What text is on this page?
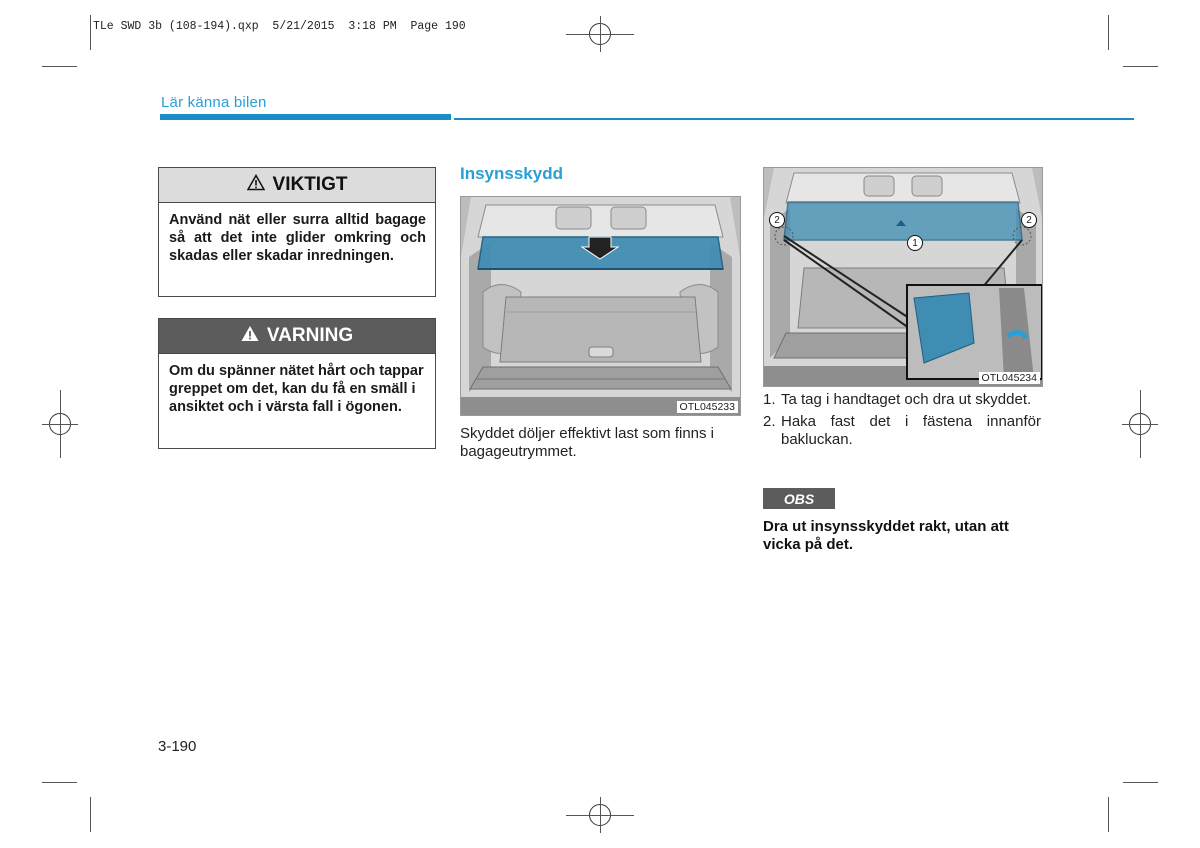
TLe SWD 3b (108-194).qxp  5/21/2015  3:18 PM  Page 190
Lär känna bilen
VIKTIGT
Använd nät eller surra alltid bagage så att det inte glider omkring och skadas eller skadar inredningen.
VARNING
Om du spänner nätet hårt och tappar greppet om det, kan du få en smäll i ansiktet och i värsta fall i ögonen.
Insynsskydd
OTL045233
Skyddet döljer effektivt last som finns i bagageutrymmet.
1
2	2
OTL045234
1. Ta tag i handtaget och dra ut skyddet.
2. Haka fast det i fästena innanför bakluckan.
OBS
Dra ut insynsskyddet rakt, utan att vicka på det.
3-190
